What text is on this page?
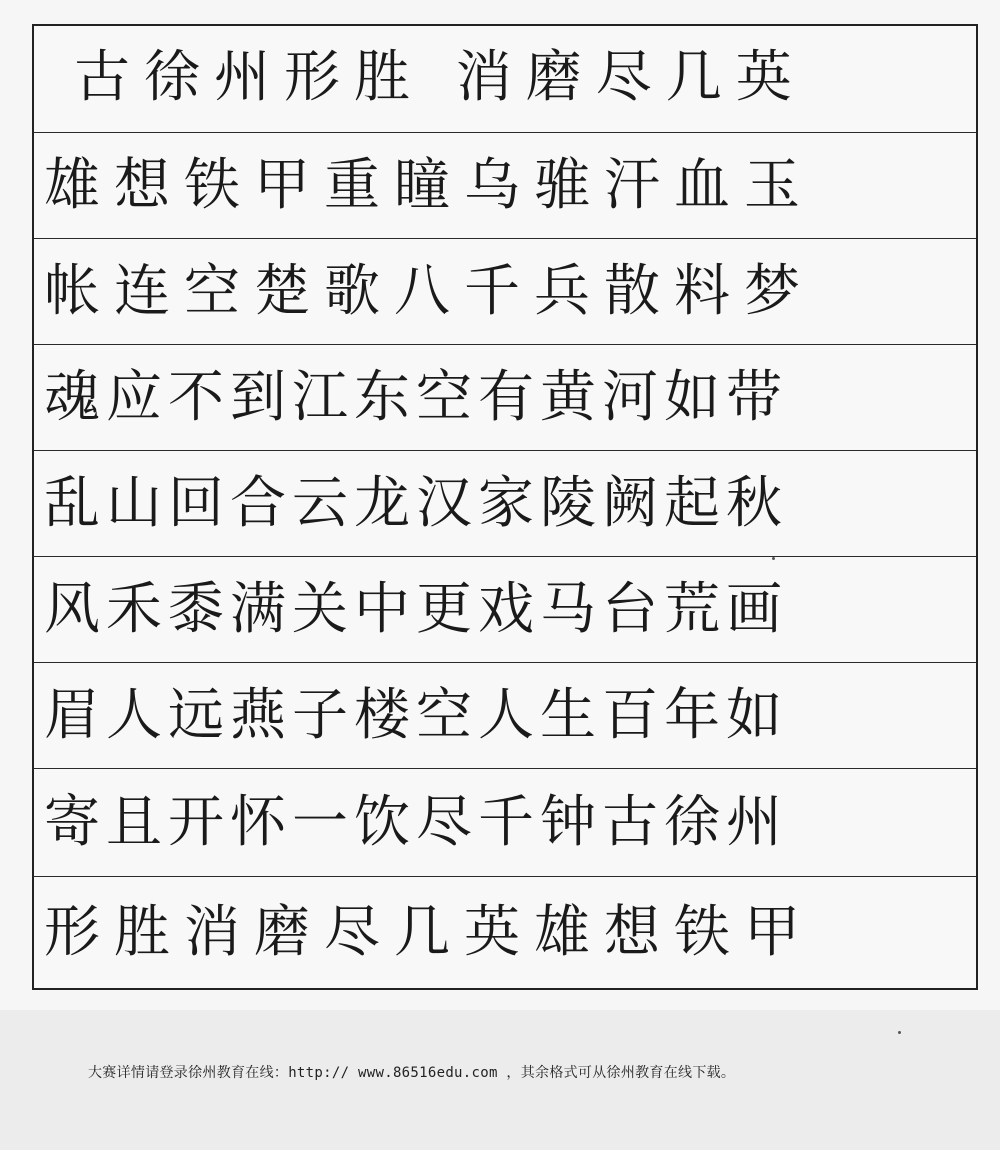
古徐州形胜 消磨尽几英
雄想铁甲重瞳乌骓汗血玉
帐连空楚歌八千兵散料梦
魂应不到江东空有黄河如带
乱山回合云龙汉家陵阙起秋
风禾黍满关中更戏马台荒画
眉人远燕子楼空人生百年如
寄且开怀一饮尽千钟古徐州
形胜消磨尽几英雄想铁甲
大赛详情请登录徐州教育在线：http:// www.86516edu.com ，其余格式可从徐州教育在线下载。
